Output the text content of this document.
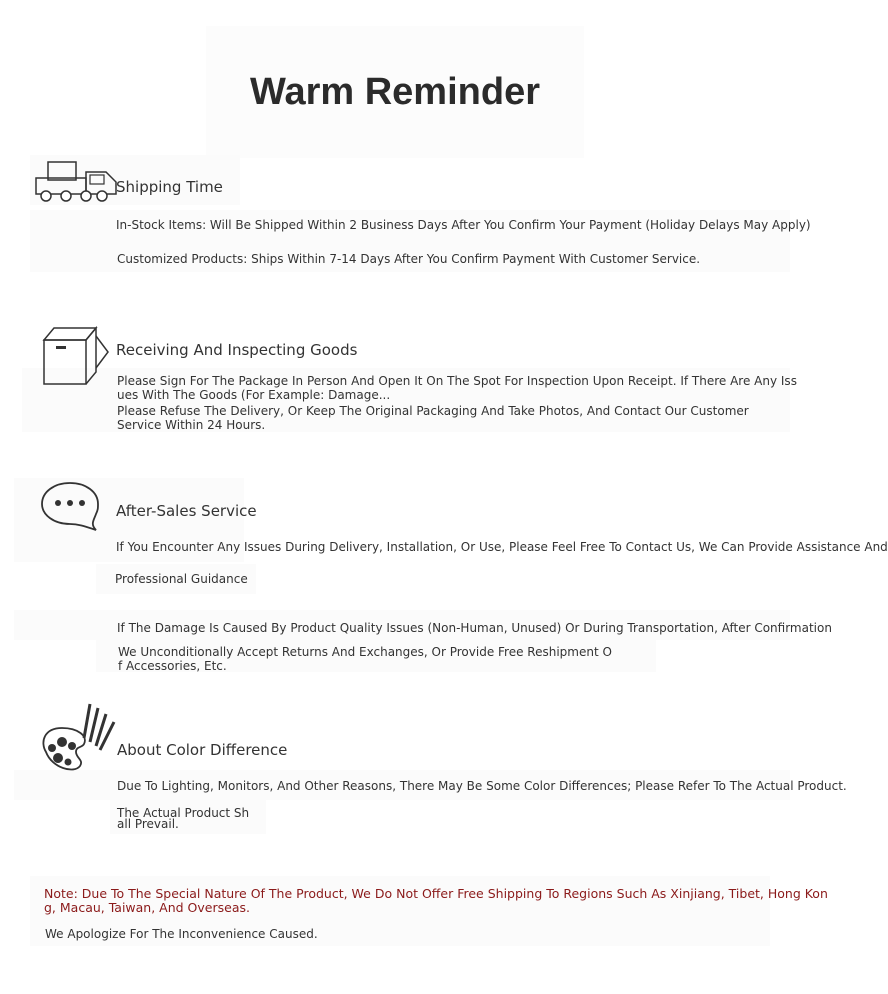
Warm Reminder
Shipping Time
In-Stock Items: Will Be Shipped Within 2 Business Days After You Confirm Your Payment (Holiday Delays May Apply)
Customized Products: Ships Within 7-14 Days After You Confirm Payment With Customer Service.
Receiving And Inspecting Goods
Please Sign For The Package In Person And Open It On The Spot For Inspection Upon Receipt. If There Are Any Iss
ues With The Goods (For Example: Damage...
Please Refuse The Delivery, Or Keep The Original Packaging And Take Photos, And Contact Our Customer
Service Within 24 Hours.
After-Sales Service
If You Encounter Any Issues During Delivery, Installation, Or Use, Please Feel Free To Contact Us, We Can Provide Assistance And
Professional Guidance
If The Damage Is Caused By Product Quality Issues (Non-Human, Unused) Or During Transportation, After Confirmation
We Unconditionally Accept Returns And Exchanges, Or Provide Free Reshipment O
f Accessories, Etc.
About Color Difference
Due To Lighting, Monitors, And Other Reasons, There May Be Some Color Differences; Please Refer To The Actual Product.
The Actual Product Sh
all Prevail.
Note: Due To The Special Nature Of The Product, We Do Not Offer Free Shipping To Regions Such As Xinjiang, Tibet, Hong Kon
g, Macau, Taiwan, And Overseas.
We Apologize For The Inconvenience Caused.
